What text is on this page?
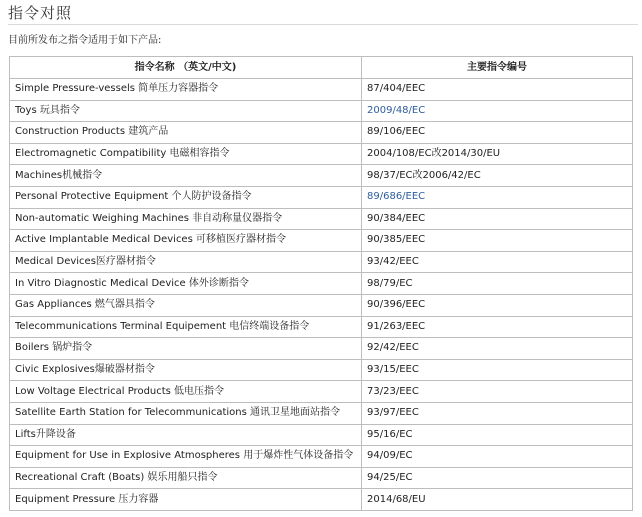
指令对照
目前所发布之指令适用于如下产品:
指令名称 （英文/中文)	主要指令编号
Simple Pressure-vessels 简单压力容器指令	87/404/EEC
Toys 玩具指令	2009/48/EC
Construction Products 建筑产品	89/106/EEC
Electromagnetic Compatibility 电磁相容指令	2004/108/EC改2014/30/EU
Machines机械指令	98/37/EC改2006/42/EC
Personal Protective Equipment 个人防护设备指令	89/686/EEC
Non-automatic Weighing Machines 非自动称量仪器指令	90/384/EEC
Active Implantable Medical Devices 可移植医疗器材指令	90/385/EEC
Medical Devices医疗器材指令	93/42/EEC
In Vitro Diagnostic Medical Device 体外诊断指令	98/79/EC
Gas Appliances 燃气器具指令	90/396/EEC
Telecommunications Terminal Equipement 电信终端设备指令	91/263/EEC
Boilers 锅炉指令	92/42/EEC
Civic Explosives爆破器材指令	93/15/EEC
Low Voltage Electrical Products 低电压指令	73/23/EEC
Satellite Earth Station for Telecommunications 通讯卫星地面站指令	93/97/EEC
Lifts升降设备	95/16/EC
Equipment for Use in Explosive Atmospheres 用于爆炸性气体设备指令	94/09/EC
Recreational Craft (Boats) 娱乐用船只指令	94/25/EC
Equipment Pressure 压力容器	2014/68/EU
